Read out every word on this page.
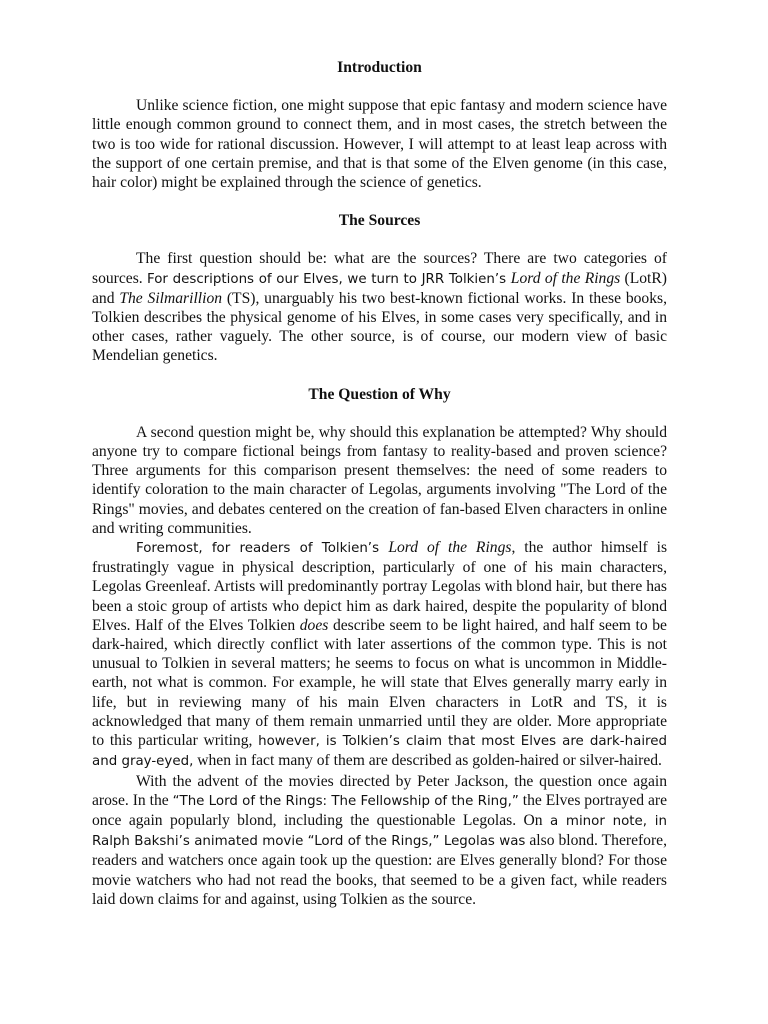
Introduction

Unlike science fiction, one might suppose that epic fantasy and modern science have little enough common ground to connect them, and in most cases, the stretch between the two is too wide for rational discussion. However, I will attempt to at least leap across with the support of one certain premise, and that is that some of the Elven genome (in this case, hair color) might be explained through the science of genetics.

The Sources

The first question should be: what are the sources? There are two categories of sources. For descriptions of our Elves, we turn to JRR Tolkien’s Lord of the Rings (LotR) and The Silmarillion (TS), unarguably his two best-known fictional works. In these books, Tolkien describes the physical genome of his Elves, in some cases very specifically, and in other cases, rather vaguely. The other source, is of course, our modern view of basic Mendelian genetics.

The Question of Why

A second question might be, why should this explanation be attempted? Why should anyone try to compare fictional beings from fantasy to reality-based and proven science? Three arguments for this comparison present themselves: the need of some readers to identify coloration to the main character of Legolas, arguments involving "The Lord of the Rings" movies, and debates centered on the creation of fan-based Elven characters in online and writing communities.

Foremost, for readers of Tolkien’s Lord of the Rings, the author himself is frustratingly vague in physical description, particularly of one of his main characters, Legolas Greenleaf. Artists will predominantly portray Legolas with blond hair, but there has been a stoic group of artists who depict him as dark haired, despite the popularity of blond Elves. Half of the Elves Tolkien does describe seem to be light haired, and half seem to be dark-haired, which directly conflict with later assertions of the common type. This is not unusual to Tolkien in several matters; he seems to focus on what is uncommon in Middle-earth, not what is common. For example, he will state that Elves generally marry early in life, but in reviewing many of his main Elven characters in LotR and TS, it is acknowledged that many of them remain unmarried until they are older. More appropriate to this particular writing, however, is Tolkien’s claim that most Elves are dark-haired and gray-eyed, when in fact many of them are described as golden-haired or silver-haired.

With the advent of the movies directed by Peter Jackson, the question once again arose. In the “The Lord of the Rings: The Fellowship of the Ring,” the Elves portrayed are once again popularly blond, including the questionable Legolas. On a minor note, in Ralph Bakshi’s animated movie “Lord of the Rings,” Legolas was also blond. Therefore, readers and watchers once again took up the question: are Elves generally blond? For those movie watchers who had not read the books, that seemed to be a given fact, while readers laid down claims for and against, using Tolkien as the source.
